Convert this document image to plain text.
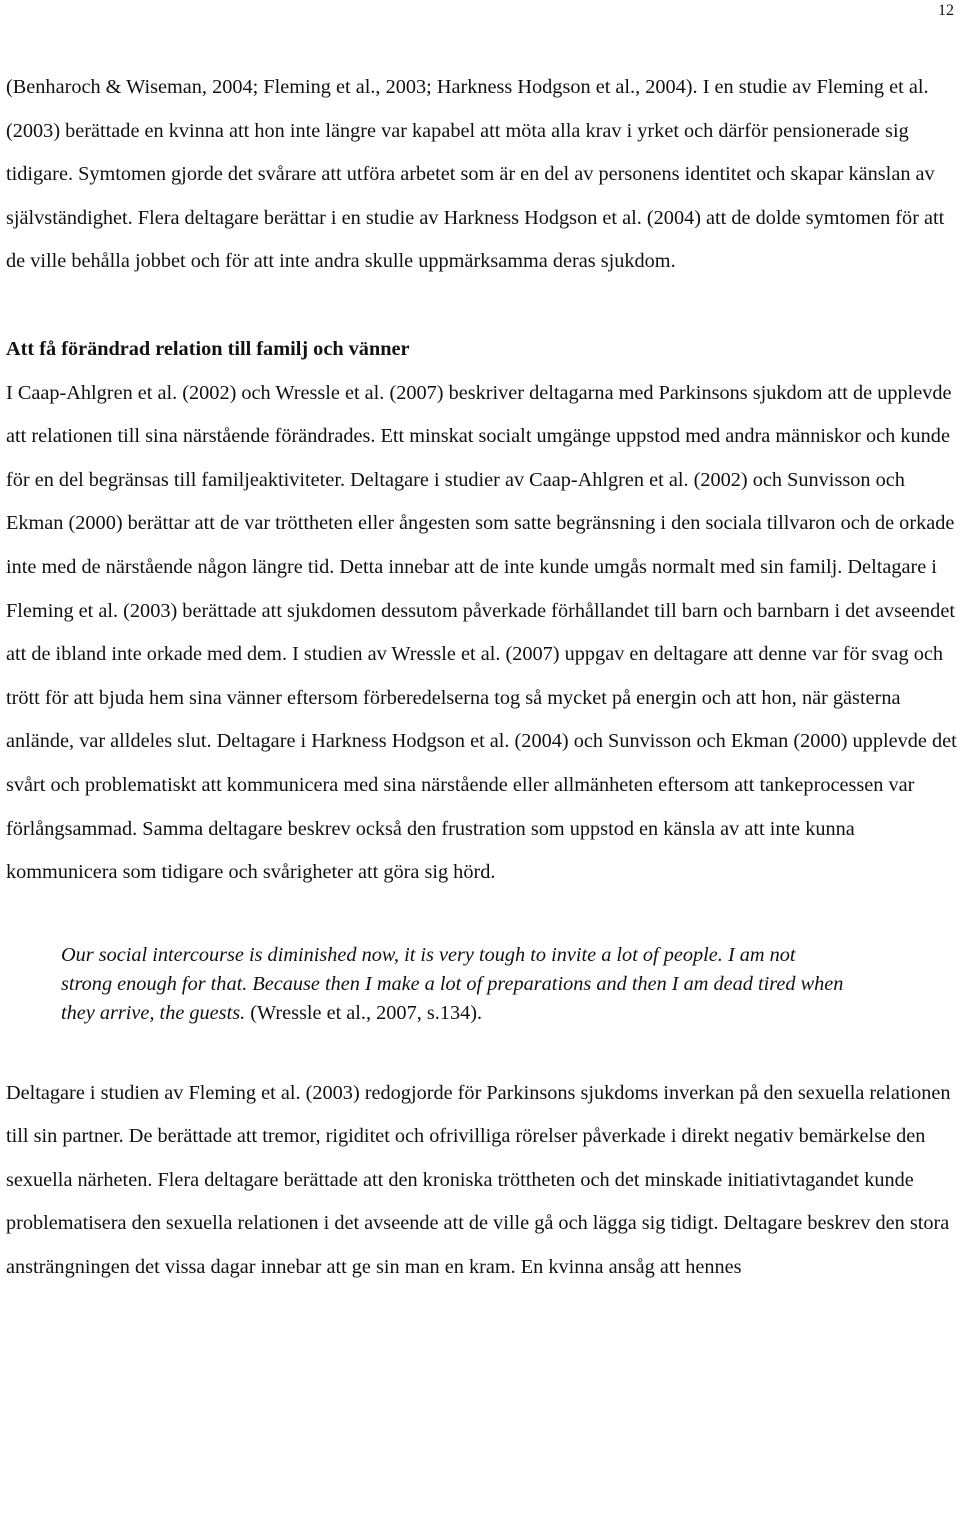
12

(Benharoch & Wiseman, 2004; Fleming et al., 2003; Harkness Hodgson et al., 2004). I en studie av Fleming et al. (2003) berättade en kvinna att hon inte längre var kapabel att möta alla krav i yrket och därför pensionerade sig tidigare. Symtomen gjorde det svårare att utföra arbetet som är en del av personens identitet och skapar känslan av självständighet. Flera deltagare berättar i en studie av Harkness Hodgson et al. (2004) att de dolde symtomen för att de ville behålla jobbet och för att inte andra skulle uppmärksamma deras sjukdom.

Att få förändrad relation till familj och vänner

I Caap-Ahlgren et al. (2002) och Wressle et al. (2007) beskriver deltagarna med Parkinsons sjukdom att de upplevde att relationen till sina närstående förändrades. Ett minskat socialt umgänge uppstod med andra människor och kunde för en del begränsas till familjeaktiviteter. Deltagare i studier av Caap-Ahlgren et al. (2002) och Sunvisson och Ekman (2000) berättar att de var tröttheten eller ångesten som satte begränsning i den sociala tillvaron och de orkade inte med de närstående någon längre tid. Detta innebar att de inte kunde umgås normalt med sin familj. Deltagare i Fleming et al. (2003) berättade att sjukdomen dessutom påverkade förhållandet till barn och barnbarn i det avseendet att de ibland inte orkade med dem. I studien av Wressle et al. (2007) uppgav en deltagare att denne var för svag och trött för att bjuda hem sina vänner eftersom förberedelserna tog så mycket på energin och att hon, när gästerna anlände, var alldeles slut. Deltagare i Harkness Hodgson et al. (2004) och Sunvisson och Ekman (2000) upplevde det svårt och problematiskt att kommunicera med sina närstående eller allmänheten eftersom att tankeprocessen var förlångsammad. Samma deltagare beskrev också den frustration som uppstod en känsla av att inte kunna kommunicera som tidigare och svårigheter att göra sig hörd.

Our social intercourse is diminished now, it is very tough to invite a lot of people. I am not strong enough for that. Because then I make a lot of preparations and then I am dead tired when they arrive, the guests. (Wressle et al., 2007, s.134).

Deltagare i studien av Fleming et al. (2003) redogjorde för Parkinsons sjukdoms inverkan på den sexuella relationen till sin partner. De berättade att tremor, rigiditet och ofrivilliga rörelser påverkade i direkt negativ bemärkelse den sexuella närheten. Flera deltagare berättade att den kroniska tröttheten och det minskade initiativtagandet kunde problematisera den sexuella relationen i det avseende att de ville gå och lägga sig tidigt. Deltagare beskrev den stora ansträngningen det vissa dagar innebar att ge sin man en kram. En kvinna ansåg att hennes
